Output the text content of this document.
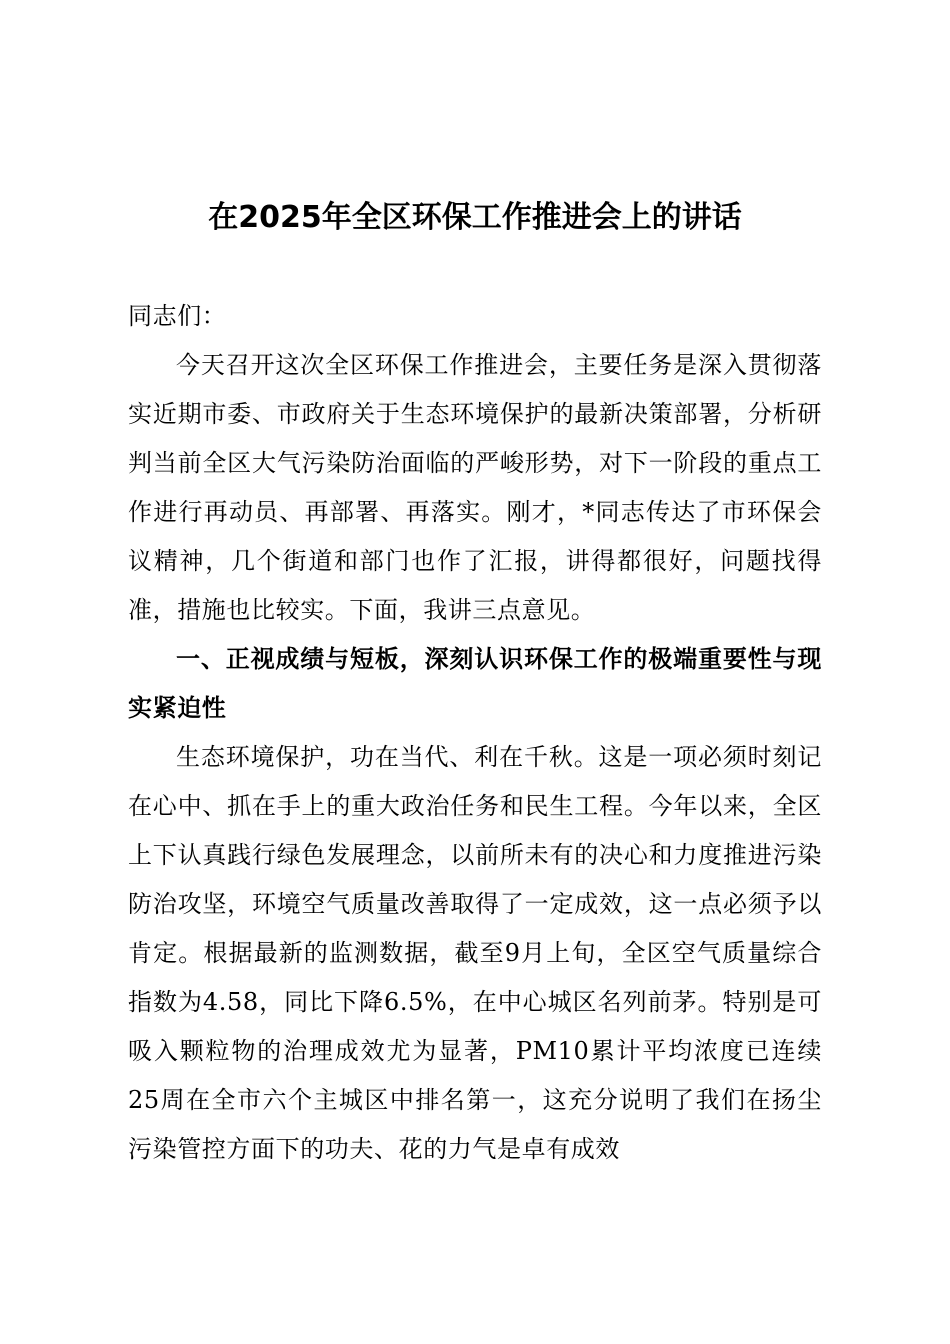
在2025年全区环保工作推进会上的讲话

同志们：

今天召开这次全区环保工作推进会，主要任务是深入贯彻落实近期市委、市政府关于生态环境保护的最新决策部署，分析研判当前全区大气污染防治面临的严峻形势，对下一阶段的重点工作进行再动员、再部署、再落实。刚才，*同志传达了市环保会议精神，几个街道和部门也作了汇报，讲得都很好，问题找得准，措施也比较实。下面，我讲三点意见。

一、正视成绩与短板，深刻认识环保工作的极端重要性与现实紧迫性

生态环境保护，功在当代、利在千秋。这是一项必须时刻记在心中、抓在手上的重大政治任务和民生工程。今年以来，全区上下认真践行绿色发展理念，以前所未有的决心和力度推进污染防治攻坚，环境空气质量改善取得了一定成效，这一点必须予以肯定。根据最新的监测数据，截至9月上旬，全区空气质量综合指数为4.58，同比下降6.5%，在中心城区名列前茅。特别是可吸入颗粒物的治理成效尤为显著，PM10累计平均浓度已连续25周在全市六个主城区中排名第一，这充分说明了我们在扬尘污染管控方面下的功夫、花的力气是卓有成效
